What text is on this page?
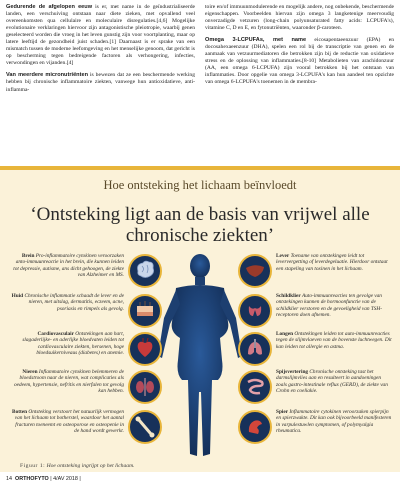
Gedurende de afgelopen eeuw is er, met name in de geïndustrialiseerde landen, een verschuiving ontstaan naar diete zieken, met opvallend veel overeenkomsten qua cellulaire en moleculaire disregulaties.[4,6] Mogelijke evolutionaire verklaringen hiervoor zijn antagonistische pleiotropie, waarbij genen geselecteerd worden die vroeg in het leven gunstig zijn voor voortplanting, maar op latere leeftijd de gezondheid juist schaden.[1] Daarnaast is er sprake van een mismatch tussen de moderne leefomgeving en het menselijke genoom, dat gericht is op bescherming tegen bedreigende factoren als verhongering, infecties, verwondingen en vijanden.[4]

Van meerdere micronutriënten is bewezen dat ze een beschermende werking hebben bij chronische inflammatoire ziekten, vanwege hun antioxidatieve, anti-inflamma-

toire en/of immuunmodulerende en mogelijk andere, nog onbekende, beschermende eigenschappen. Voorbeelden hiervan zijn omega 3 langketenige meervoudig onverzadigde vetzuren (long-chain polyunsaturated fatty acids: LCPUFA's), vitamine C, D en E, en fytonutriënten, waaronder β-caroteen.

Omega 3-LCPUFAs, met name eicosapentaeenzuur (EPA) en docosahexaeenzuur (DHA), spelen een rol bij de transcriptie van genen en de aanmaak van vetzuurmediatoren die betrokken zijn bij de reductie van oxidatieve stress en de oplossing van inflammaties.[8-10] Metabolieten van arachidonzuur (AA, een omega 6-LCPUFA) zijn vooral betrokken bij het ontstaan van inflammaties. Door opgelie van omega 3-LCPUFA's kan hun aandeel ten opzichte van omega 6-LCPUFA's toenemen in de membra-

Hoe ontsteking het lichaam beïnvloedt
‘Ontsteking ligt aan de basis van vrijwel alle chronische ziekten’
Brein Pro-inflammatoire cytokinen veroorzaken anto-immuunreactie in het brein, die kunnen leiden tot depressie, autisme, ans dicht gehoogen, de ziekte van Alzheimer en MS.
Huid Chronische inflammatie schaadt de lever en de nieren, met uitslag, dermatitis, eczeem, acne, psoriasis en rimpels als gevolg.
Cardiovasculair Ontstekingen aan hart, slagaderlijke- en aderlijke bloedvaten leiden tot cardiovasculaire ziekten, hersenen, hoge bloedsuikerniveaus (diabetes) en anemie.
Nieren Inflammatoire cytokinen belemmeren de bloedstroom naar de nieren, wat complicaties als oedeem, hypertensie, nefritis en nierfalen tot gevolg kan hebben.
Botten Ontsteking verstoort het natuurlijk vermogen van het lichaam tot botherstel, waardoor het aantal fracturen toeneemt en osteoporose en osteopenie in de hand wordt gewerkt.
Lever Toename van ontstekingen leidt tot leververgetting of leverdegeluatie. Hierdoor ontstaat een stapeling van toxinen in het lichaam.
Schildklier Auto-immuunreacties ten gevolge van ontstekingen kunnen de hormoonfunctie van de schildklier verstoren en de gevoeligheid van TSH-receptoren doen afnemen.
Longen Ontstekingen leiden tot auto-immuunreacties tegen de slijmvlaeven van de bovenste luchtwegen. Dit kan leiden tot allergie en astma.
Spijsvertering Chronische ontsteking tast het darmslijmvlies aan en resulteert in aandoeningen zoals gastro-intestinale reflux (GERD), de ziekte van Crohn en coeliakie.
Spier Inflammatoire cytokinen veroorzaken spierpijn en spierzwakte. Dit kan ook bijvoorbeeld manifesteren in varpulestuwlen symptomen, of polymyalgia rheumatica.
Figuur 1: Hoe ontsteking ingrijpt op het lichaam.
14 ORTHOFYTO | 4/AV 2018 |
